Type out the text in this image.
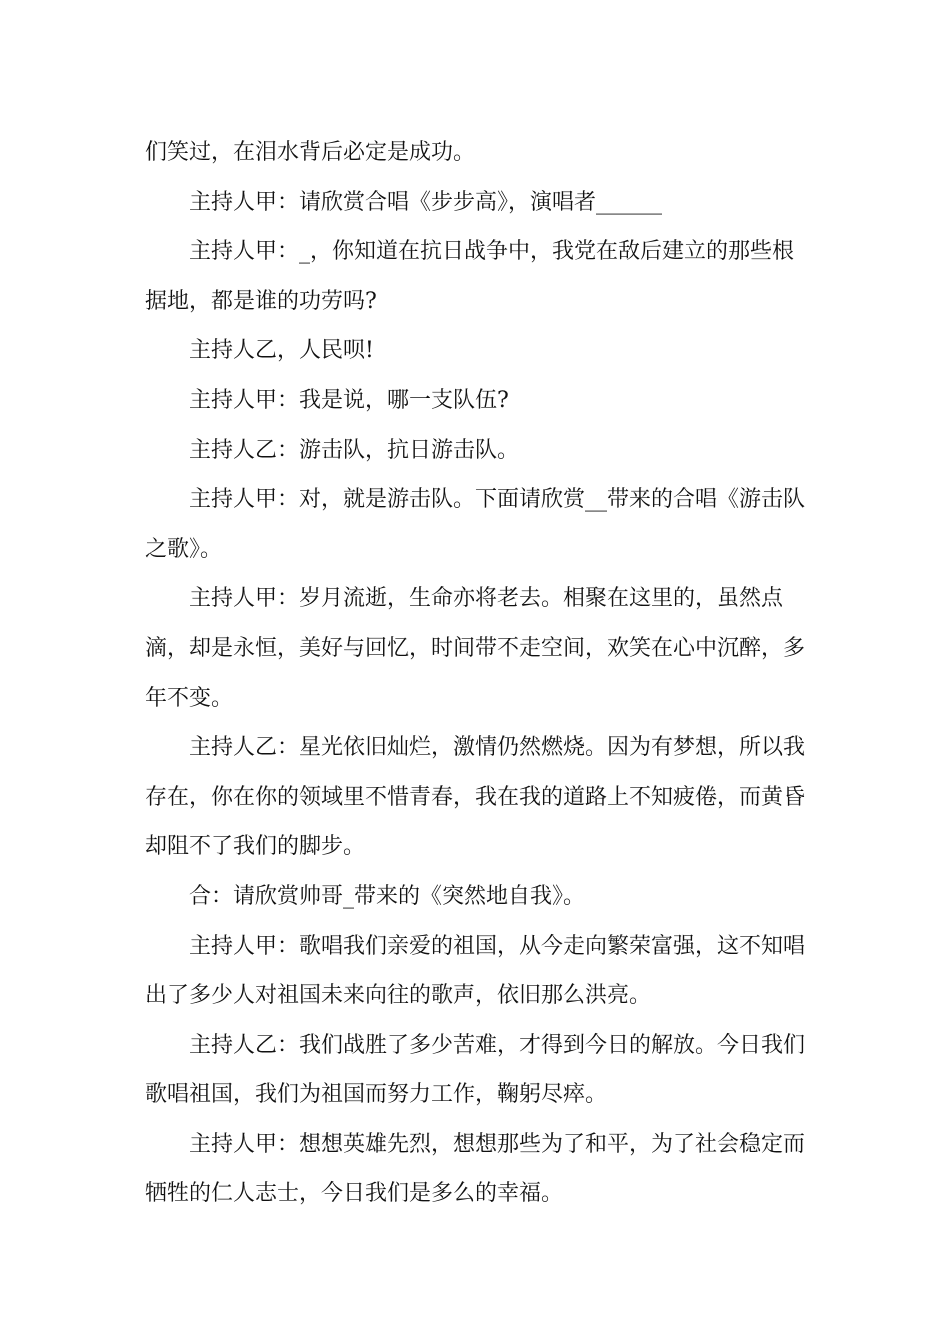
们笑过，在泪水背后必定是成功。

主持人甲：请欣赏合唱《步步高》，演唱者______

主持人甲：_，你知道在抗日战争中，我党在敌后建立的那些根据地，都是谁的功劳吗?

主持人乙，人民呗!

主持人甲：我是说，哪一支队伍?

主持人乙：游击队，抗日游击队。

主持人甲：对，就是游击队。下面请欣赏__带来的合唱《游击队之歌》。

主持人甲：岁月流逝，生命亦将老去。相聚在这里的，虽然点滴，却是永恒，美好与回忆，时间带不走空间，欢笑在心中沉醉，多年不变。

主持人乙：星光依旧灿烂，激情仍然燃烧。因为有梦想，所以我存在，你在你的领域里不惜青春，我在我的道路上不知疲倦，而黄昏却阻不了我们的脚步。

合：请欣赏帅哥_带来的《突然地自我》。

主持人甲：歌唱我们亲爱的祖国，从今走向繁荣富强，这不知唱出了多少人对祖国未来向往的歌声，依旧那么洪亮。

主持人乙：我们战胜了多少苦难，才得到今日的解放。今日我们歌唱祖国，我们为祖国而努力工作，鞠躬尽瘁。

主持人甲：想想英雄先烈，想想那些为了和平，为了社会稳定而牺牲的仁人志士，今日我们是多么的幸福。
